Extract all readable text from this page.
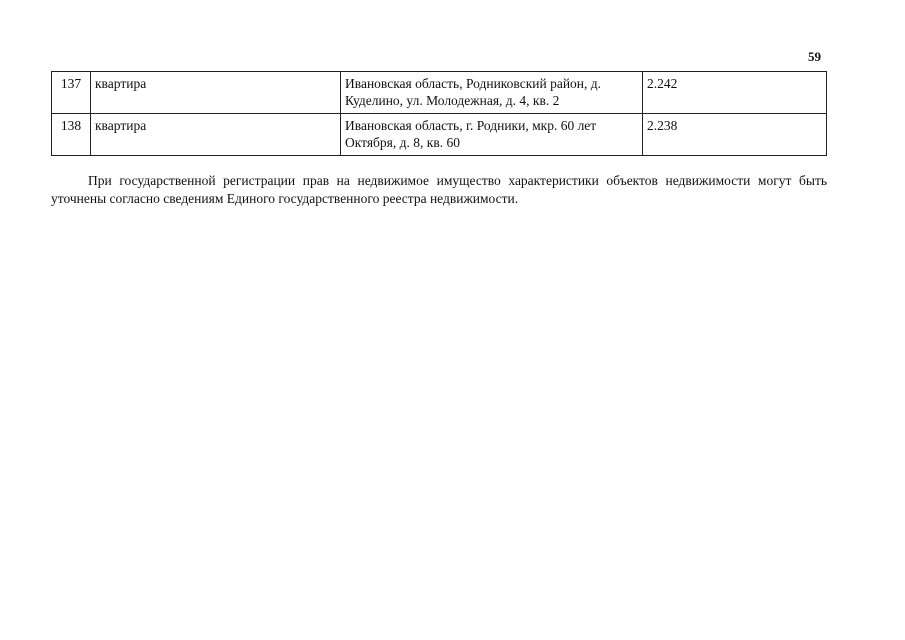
59
137	квартира	Ивановская область, Родниковский район, д. Куделино, ул. Молодежная, д. 4, кв. 2	2.242
138	квартира	Ивановская область, г. Родники, мкр. 60 лет Октября, д. 8, кв. 60	2.238

При государственной регистрации прав на недвижимое имущество характеристики объектов недвижимости могут быть уточнены согласно сведениям Единого государственного реестра недвижимости.
